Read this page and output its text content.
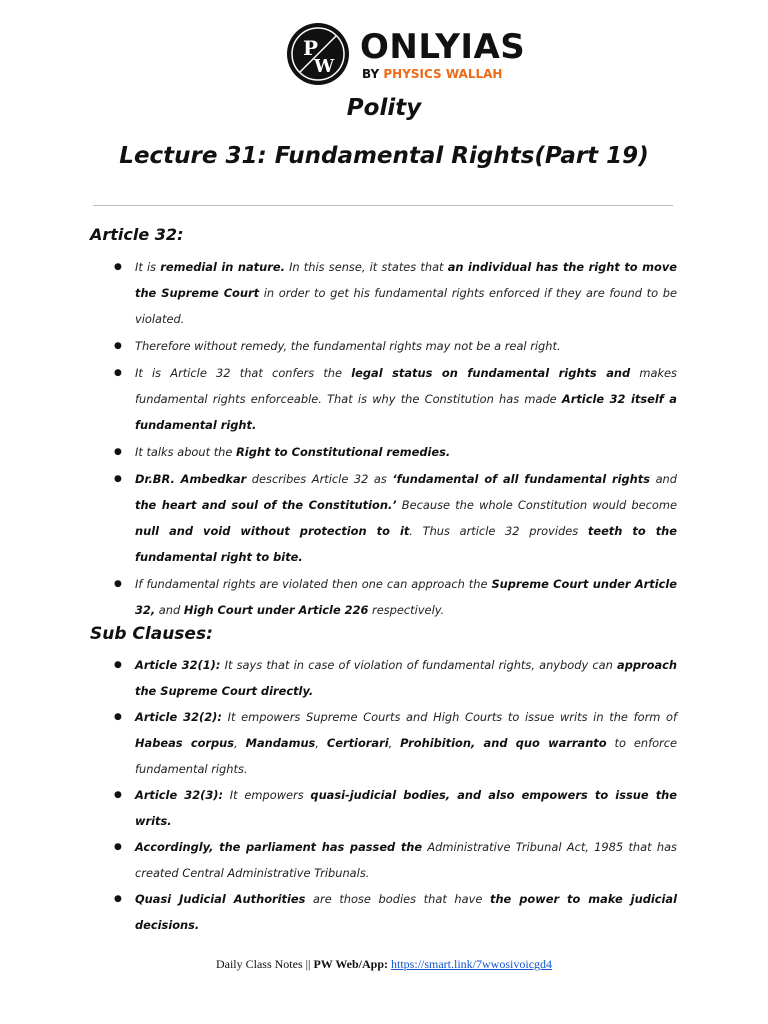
P
W ONLYIAS
BY PHYSICS WALLAH
Polity
Lecture 31: Fundamental Rights(Part 19)
Article 32:
● It is remedial in nature. In this sense, it states that an individual has the right to move the Supreme Court in order to get his fundamental rights enforced if they are found to be violated.
● Therefore without remedy, the fundamental rights may not be a real right.
● It is Article 32 that confers the legal status on fundamental rights and makes fundamental rights enforceable. That is why the Constitution has made Article 32 itself a fundamental right.
● It talks about the Right to Constitutional remedies.
● Dr.BR. Ambedkar describes Article 32 as ‘fundamental of all fundamental rights and the heart and soul of the Constitution.’ Because the whole Constitution would become null and void without protection to it. Thus article 32 provides teeth to the fundamental right to bite.
● If fundamental rights are violated then one can approach the Supreme Court under Article 32, and High Court under Article 226 respectively.
Sub Clauses:
● Article 32(1): It says that in case of violation of fundamental rights, anybody can approach the Supreme Court directly.
● Article 32(2): It empowers Supreme Courts and High Courts to issue writs in the form of Habeas corpus, Mandamus, Certiorari, Prohibition, and quo warranto to enforce fundamental rights.
● Article 32(3): It empowers quasi-judicial bodies, and also empowers to issue the writs.
● Accordingly, the parliament has passed the Administrative Tribunal Act, 1985 that has created Central Administrative Tribunals.
● Quasi Judicial Authorities are those bodies that have the power to make judicial decisions.
Daily Class Notes || PW Web/App: https://smart.link/7wwosivoicgd4
